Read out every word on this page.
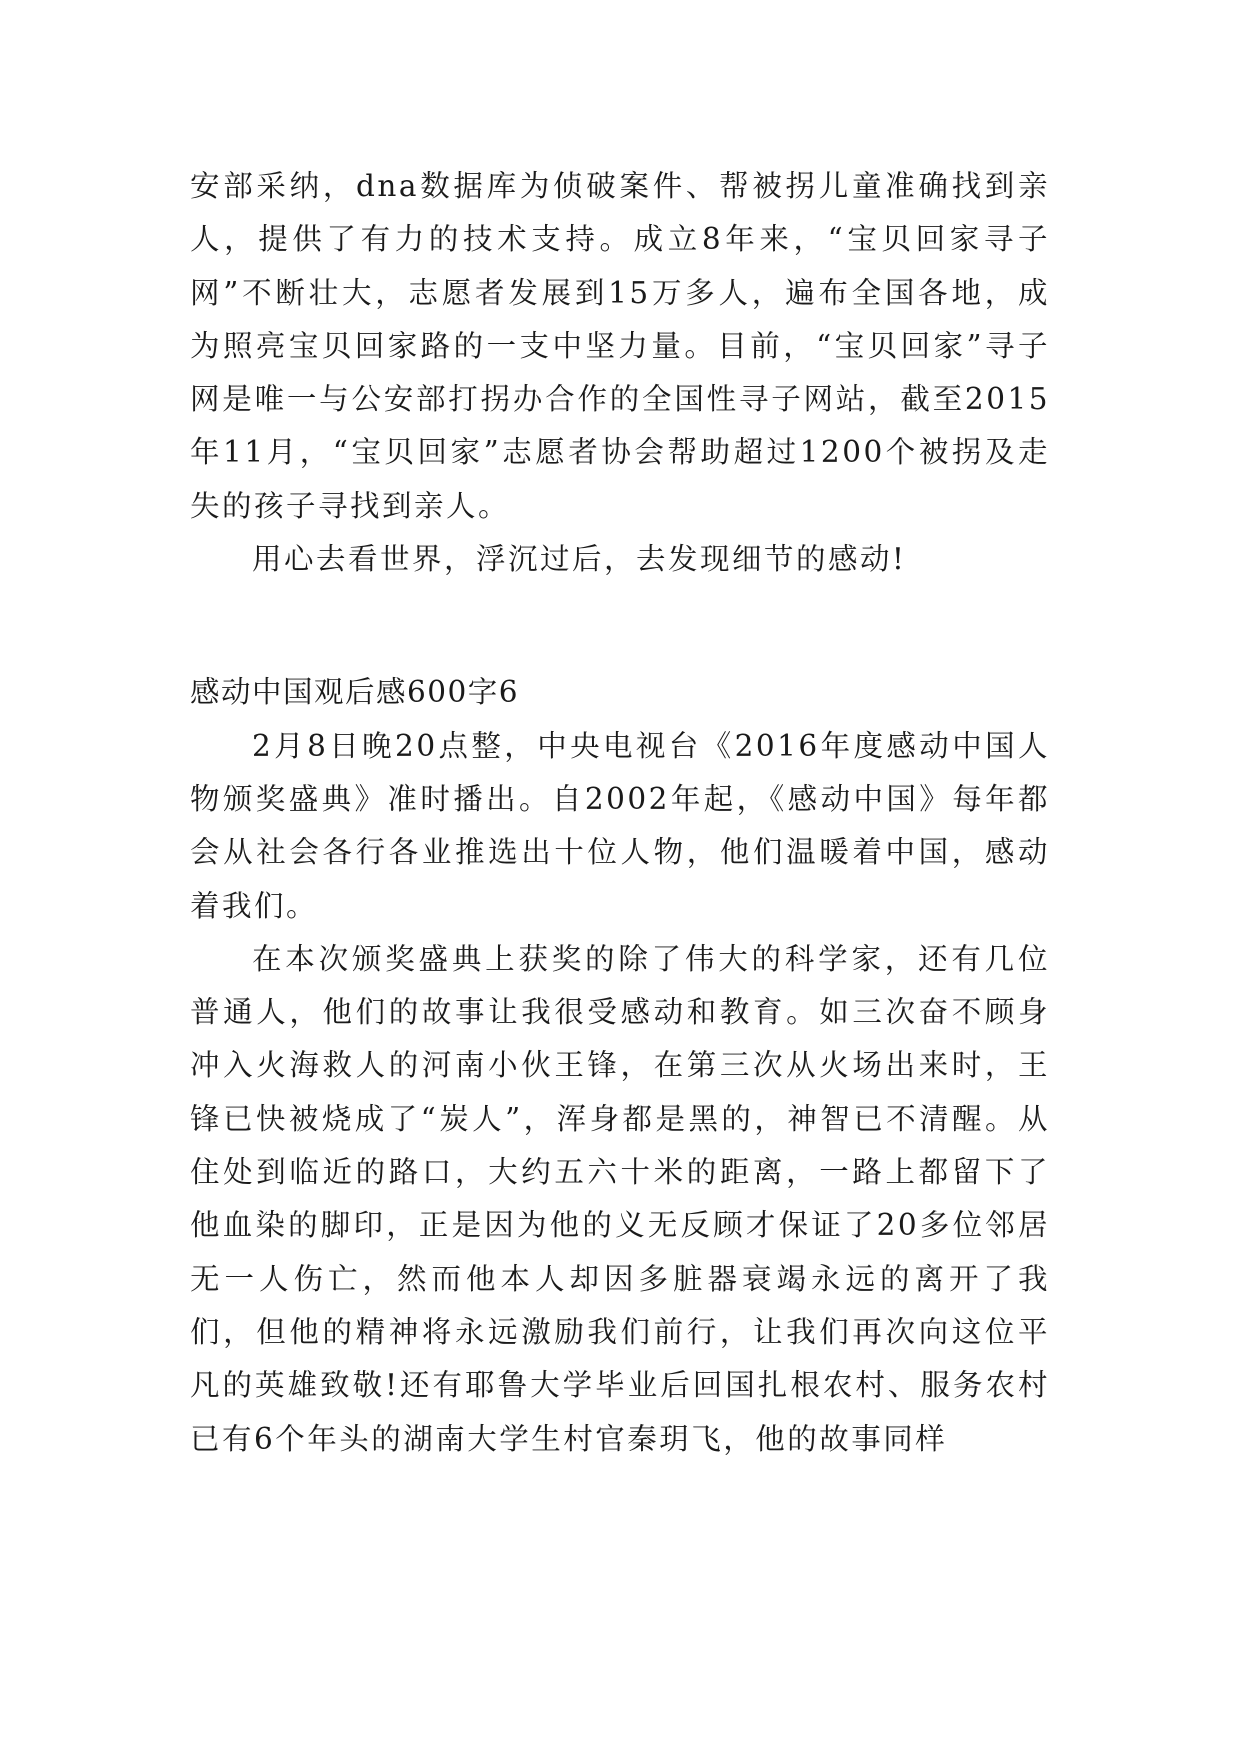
安部采纳，dna数据库为侦破案件、帮被拐儿童准确找到亲人，提供了有力的技术支持。成立8年来，“宝贝回家寻子网”不断壮大，志愿者发展到15万多人，遍布全国各地，成为照亮宝贝回家路的一支中坚力量。目前，“宝贝回家”寻子网是唯一与公安部打拐办合作的全国性寻子网站，截至2015年11月，“宝贝回家”志愿者协会帮助超过1200个被拐及走失的孩子寻找到亲人。

用心去看世界，浮沉过后，去发现细节的感动!

感动中国观后感600字6

2月8日晚20点整，中央电视台《2016年度感动中国人物颁奖盛典》准时播出。自2002年起，《感动中国》每年都会从社会各行各业推选出十位人物，他们温暖着中国，感动着我们。

在本次颁奖盛典上获奖的除了伟大的科学家，还有几位普通人，他们的故事让我很受感动和教育。如三次奋不顾身冲入火海救人的河南小伙王锋，在第三次从火场出来时，王锋已快被烧成了“炭人”，浑身都是黑的，神智已不清醒。从住处到临近的路口，大约五六十米的距离，一路上都留下了他血染的脚印，正是因为他的义无反顾才保证了20多位邻居无一人伤亡，然而他本人却因多脏器衰竭永远的离开了我们，但他的精神将永远激励我们前行，让我们再次向这位平凡的英雄致敬!还有耶鲁大学毕业后回国扎根农村、服务农村已有6个年头的湖南大学生村官秦玥飞，他的故事同样
